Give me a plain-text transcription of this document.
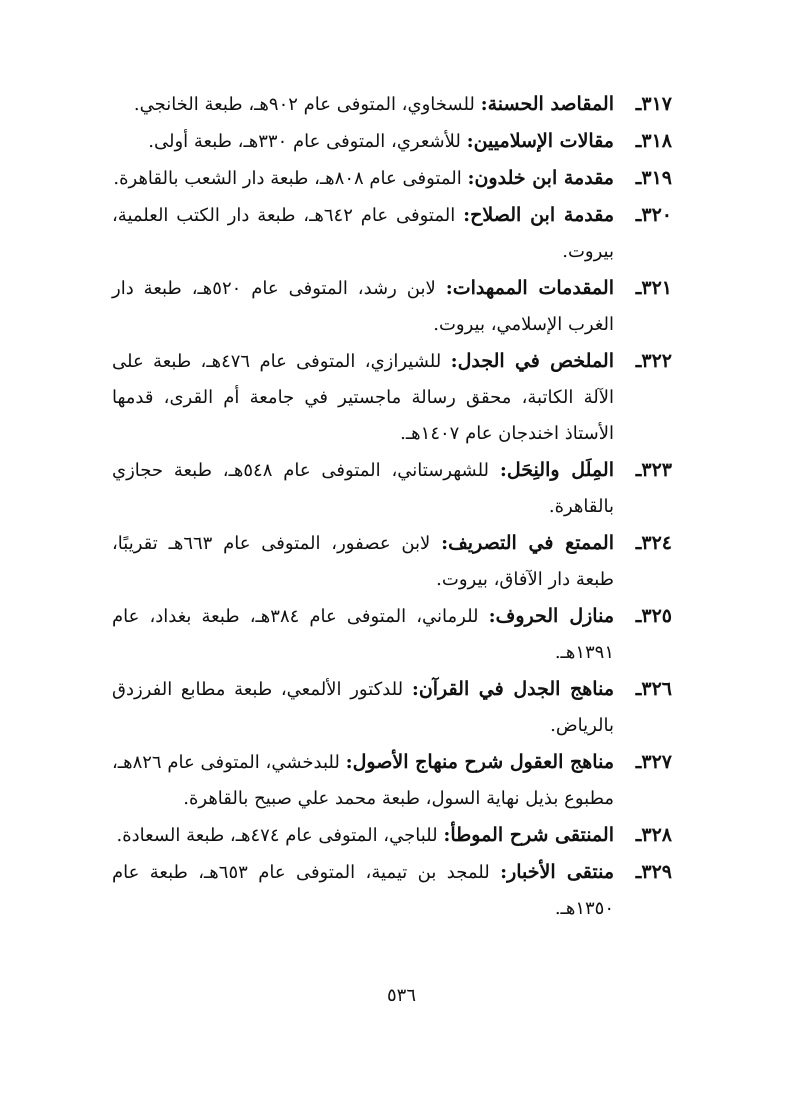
٣١٧ـ
المقاصد الحسنة: للسخاوي، المتوفى عام ٩٠٢هـ، طبعة الخانجي.

٣١٨ـ
مقالات الإسلاميين: للأشعري، المتوفى عام ٣٣٠هـ، طبعة أولى.

٣١٩ـ
مقدمة ابن خلدون: المتوفى عام ٨٠٨هـ، طبعة دار الشعب بالقاهرة.

٣٢٠ـ
مقدمة ابن الصلاح: المتوفى عام ٦٤٢هـ، طبعة دار الكتب العلمية، بيروت.

٣٢١ـ
المقدمات الممهدات: لابن رشد، المتوفى عام ٥٢٠هـ، طبعة دار الغرب الإسلامي، بيروت.

٣٢٢ـ
الملخص في الجدل: للشيرازي، المتوفى عام ٤٧٦هـ، طبعة على الآلة الكاتبة، محقق رسالة ماجستير في جامعة أم القرى، قدمها الأستاذ اخندجان عام ١٤٠٧هـ.

٣٢٣ـ
المِلَل والنِحَل: للشهرستاني، المتوفى عام ٥٤٨هـ، طبعة حجازي بالقاهرة.

٣٢٤ـ
الممتع في التصريف: لابن عصفور، المتوفى عام ٦٦٣هـ تقريبًا، طبعة دار الآفاق، بيروت.

٣٢٥ـ
منازل الحروف: للرماني، المتوفى عام ٣٨٤هـ، طبعة بغداد، عام ١٣٩١هـ.

٣٢٦ـ
مناهج الجدل في القرآن: للدكتور الألمعي، طبعة مطابع الفرزدق بالرياض.

٣٢٧ـ
مناهج العقول شرح منهاج الأصول: للبدخشي، المتوفى عام ٨٢٦هـ، مطبوع بذيل نهاية السول، طبعة محمد علي صبيح بالقاهرة.

٣٢٨ـ
المنتقى شرح الموطأ: للباجي، المتوفى عام ٤٧٤هـ، طبعة السعادة.

٣٢٩ـ
منتقى الأخبار: للمجد بن تيمية، المتوفى عام ٦٥٣هـ، طبعة عام ١٣٥٠هـ.

٥٣٦
